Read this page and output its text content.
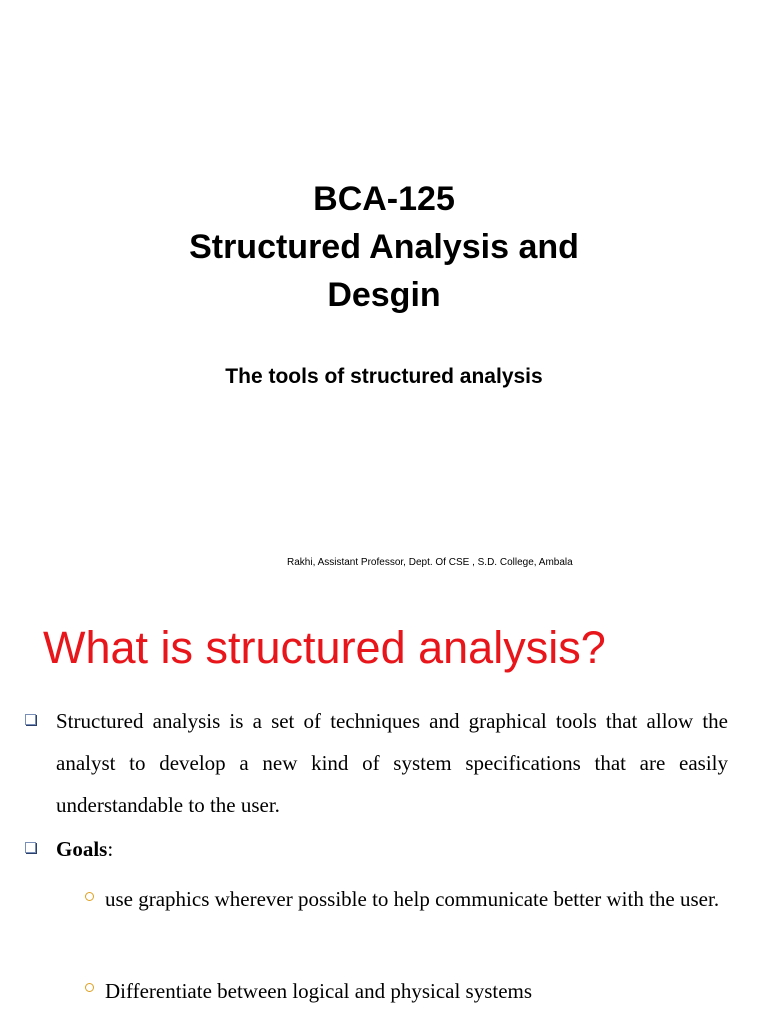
BCA-125
Structured Analysis and
Desgin
The tools of structured analysis
Rakhi, Assistant Professor, Dept. Of CSE , S.D. College, Ambala
What is structured analysis?
Structured analysis is a set of techniques and graphical tools that allow the analyst to develop a new kind of system specifications that are easily understandable to the user.
Goals:
use graphics wherever possible to help communicate better with the user.
Differentiate between logical and physical systems
